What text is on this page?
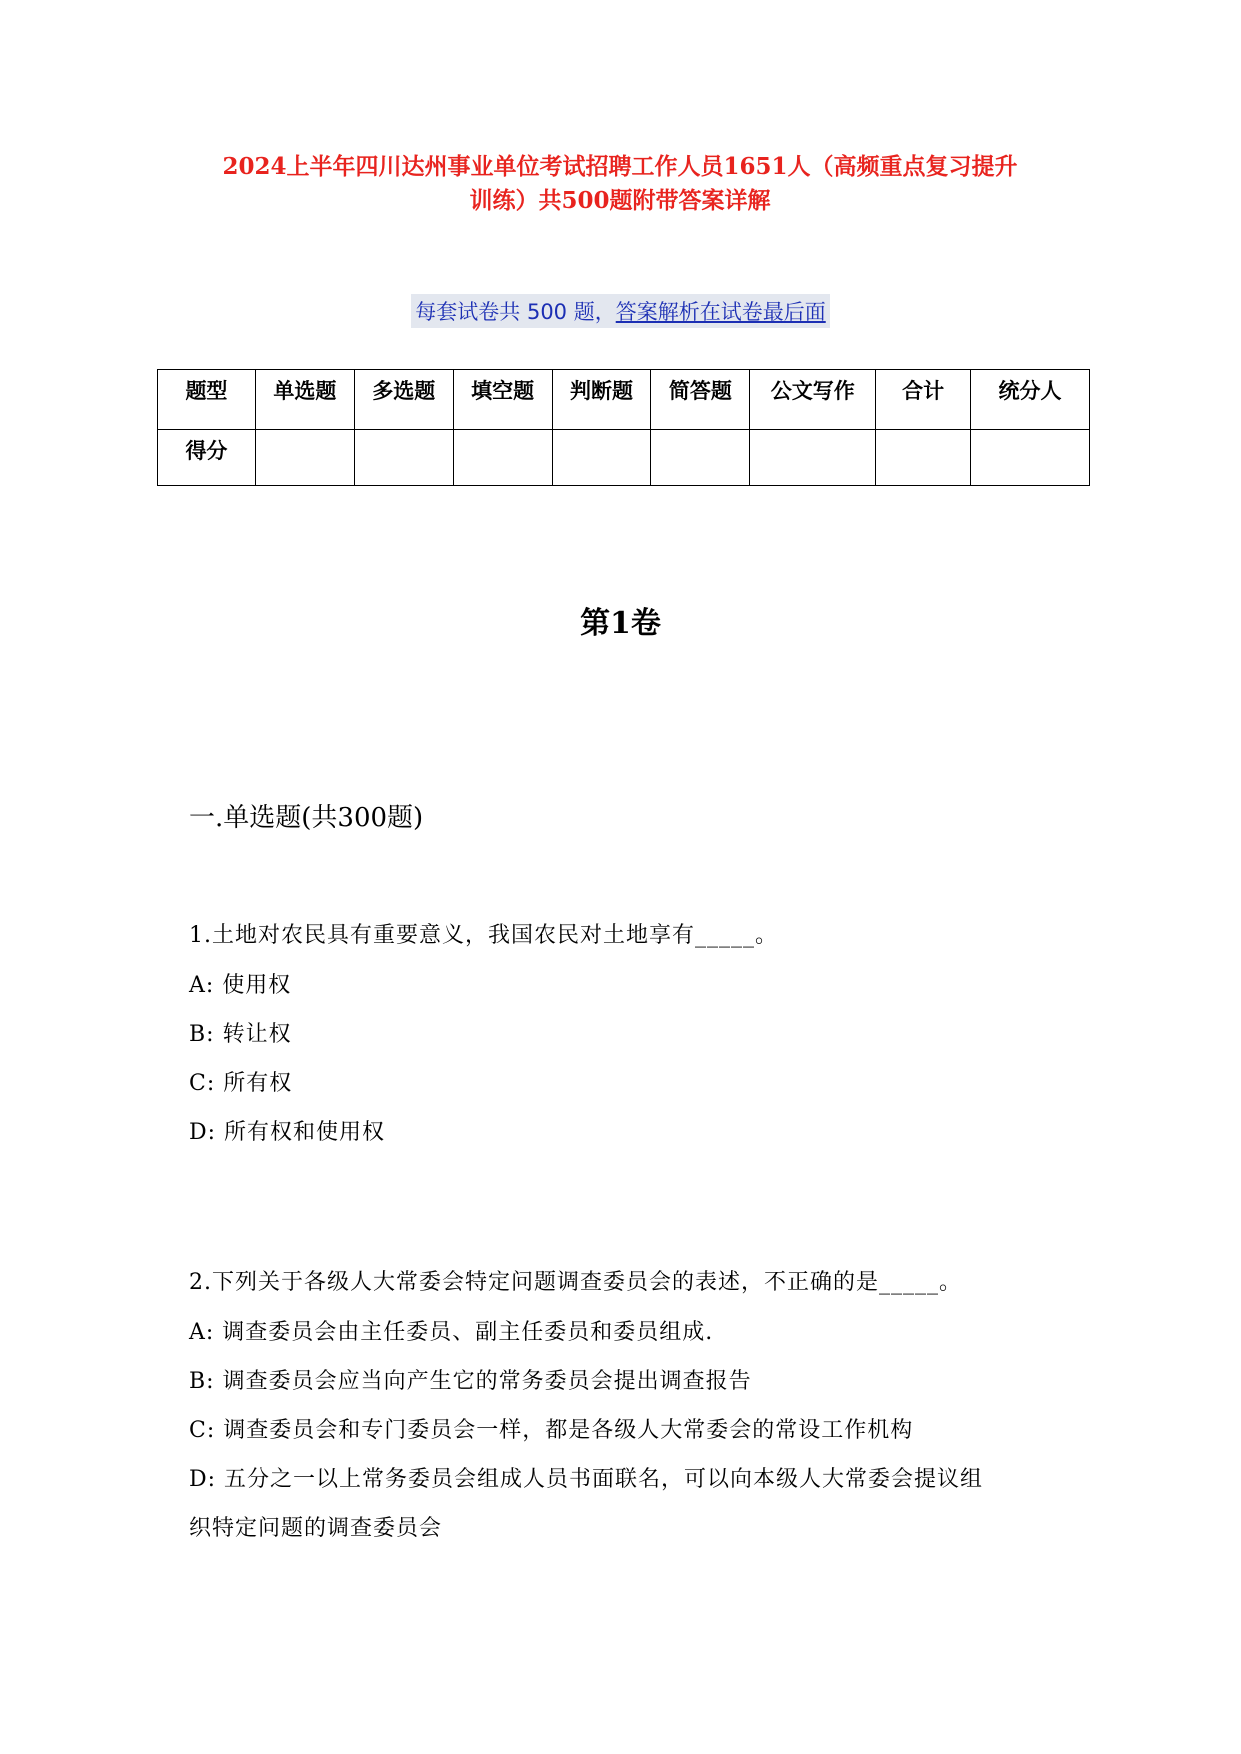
2024上半年四川达州事业单位考试招聘工作人员1651人（高频重点复习提升
训练）共500题附带答案详解
每套试卷共 500 题，答案解析在试卷最后面
题型	单选题	多选题	填空题	判断题	简答题	公文写作	合计	统分人
得分								
第1卷
一.单选题(共300题)
1.土地对农民具有重要意义，我国农民对土地享有_____。
A: 使用权
B: 转让权
C: 所有权
D: 所有权和使用权
2.下列关于各级人大常委会特定问题调查委员会的表述，不正确的是_____。
A: 调查委员会由主任委员、副主任委员和委员组成.
B: 调查委员会应当向产生它的常务委员会提出调查报告
C: 调查委员会和专门委员会一样，都是各级人大常委会的常设工作机构
D: 五分之一以上常务委员会组成人员书面联名，可以向本级人大常委会提议组
织特定问题的调查委员会
